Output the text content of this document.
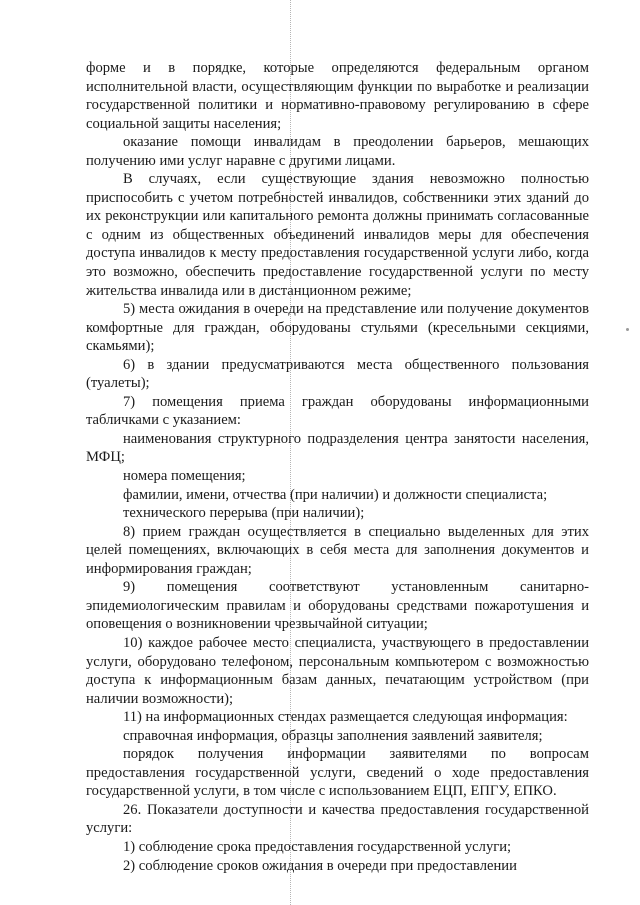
форме и в порядке, которые определяются федеральным органом исполнительной власти, осуществляющим функции по выработке и реализации государственной политики и нормативно-правовому регулированию в сфере социальной защиты населения;

оказание помощи инвалидам в преодолении барьеров, мешающих получению ими услуг наравне с другими лицами.

В случаях, если существующие здания невозможно полностью приспособить с учетом потребностей инвалидов, собственники этих зданий до их реконструкции или капитального ремонта должны принимать согласованные с одним из общественных объединений инвалидов меры для обеспечения доступа инвалидов к месту предоставления государственной услуги либо, когда это возможно, обеспечить предоставление государственной услуги по месту жительства инвалида или в дистанционном режиме;

5) места ожидания в очереди на представление или получение документов комфортные для граждан, оборудованы стульями (кресельными секциями, скамьями);

6) в здании предусматриваются места общественного пользования (туалеты);

7) помещения приема граждан оборудованы информационными табличками с указанием:

наименования структурного подразделения центра занятости населения, МФЦ;

номера помещения;

фамилии, имени, отчества (при наличии) и должности специалиста;

технического перерыва (при наличии);

8) прием граждан осуществляется в специально выделенных для этих целей помещениях, включающих в себя места для заполнения документов и информирования граждан;

9) помещения соответствуют установленным санитарно-эпидемиологическим правилам и оборудованы средствами пожаротушения и оповещения о возникновении чрезвычайной ситуации;

10) каждое рабочее место специалиста, участвующего в предоставлении услуги, оборудовано телефоном, персональным компьютером с возможностью доступа к информационным базам данных, печатающим устройством (при наличии возможности);

11) на информационных стендах размещается следующая информация:

справочная информация, образцы заполнения заявлений заявителя;

порядок получения информации заявителями по вопросам предоставления государственной услуги, сведений о ходе предоставления государственной услуги, в том числе с использованием ЕЦП, ЕПГУ, ЕПКО.

26. Показатели доступности и качества предоставления государственной услуги:

1) соблюдение срока предоставления государственной услуги;

2) соблюдение сроков ожидания в очереди при предоставлении
